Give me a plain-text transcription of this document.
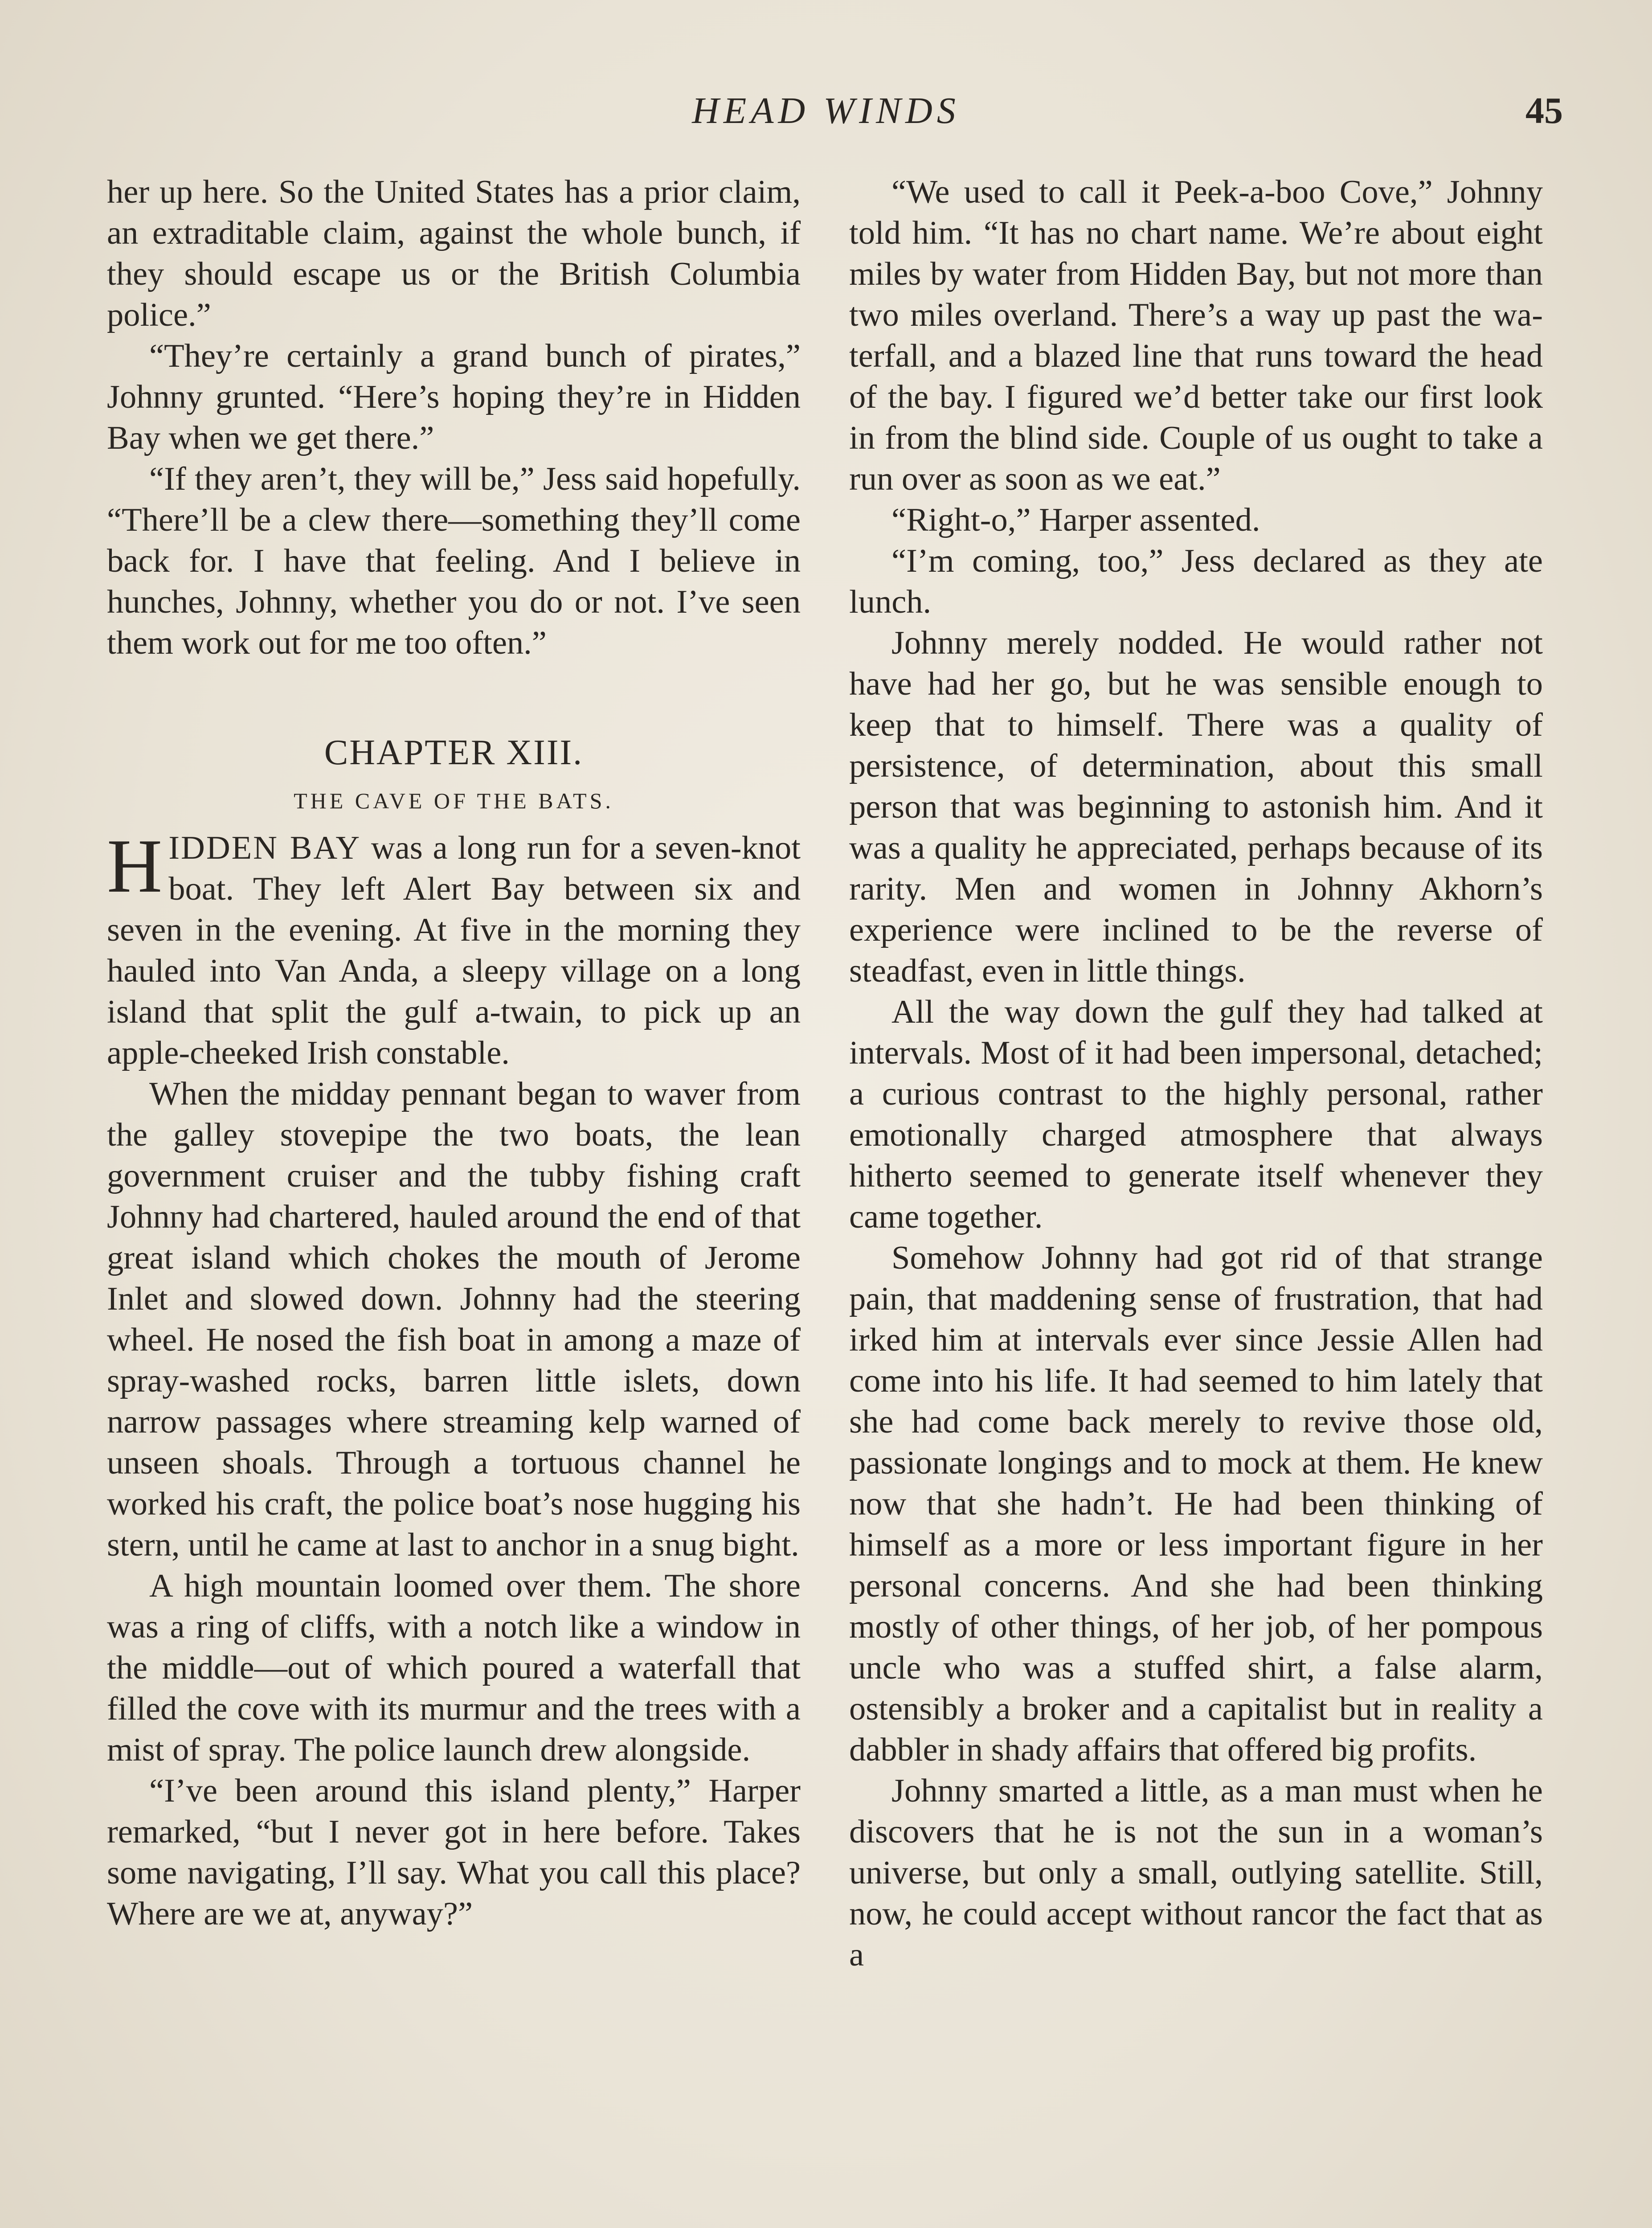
HEAD WINDS	45

her up here. So the United States has a prior claim, an extraditable claim, against the whole bunch, if they should escape us or the British Columbia police.”

“They’re certainly a grand bunch of pirates,” Johnny grunted. “Here’s hoping they’re in Hidden Bay when we get there.”

“If they aren’t, they will be,” Jess said hopefully. “There’ll be a clew there—something they’ll come back for. I have that feeling. And I believe in hunches, Johnny, whether you do or not. I’ve seen them work out for me too often.”

CHAPTER XIII.
THE CAVE OF THE BATS.

HIDDEN BAY was a long run for a seven-knot boat. They left Alert Bay between six and seven in the evening. At five in the morning they hauled into Van Anda, a sleepy village on a long island that split the gulf a-twain, to pick up an apple-cheeked Irish constable.

When the midday pennant began to waver from the galley stovepipe the two boats, the lean government cruiser and the tubby fishing craft Johnny had chartered, hauled around the end of that great island which chokes the mouth of Jerome Inlet and slowed down. Johnny had the steering wheel. He nosed the fish boat in among a maze of spray-washed rocks, barren little islets, down narrow passages where streaming kelp warned of unseen shoals. Through a tortuous channel he worked his craft, the police boat’s nose hugging his stern, until he came at last to anchor in a snug bight.

A high mountain loomed over them. The shore was a ring of cliffs, with a notch like a window in the middle—out of which poured a waterfall that filled the cove with its murmur and the trees with a mist of spray. The police launch drew alongside.

“I’ve been around this island plenty,” Harper remarked, “but I never got in here before. Takes some navigating, I’ll say. What you call this place? Where are we at, anyway?”

“We used to call it Peek-a-boo Cove,” Johnny told him. “It has no chart name. We’re about eight miles by water from Hidden Bay, but not more than two miles overland. There’s a way up past the waterfall, and a blazed line that runs toward the head of the bay. I figured we’d better take our first look in from the blind side. Couple of us ought to take a run over as soon as we eat.”

“Right-o,” Harper assented.

“I’m coming, too,” Jess declared as they ate lunch.

Johnny merely nodded. He would rather not have had her go, but he was sensible enough to keep that to himself. There was a quality of persistence, of determination, about this small person that was beginning to astonish him. And it was a quality he appreciated, perhaps because of its rarity. Men and women in Johnny Akhorn’s experience were inclined to be the reverse of steadfast, even in little things.

All the way down the gulf they had talked at intervals. Most of it had been impersonal, detached; a curious contrast to the highly personal, rather emotionally charged atmosphere that always hitherto seemed to generate itself whenever they came together.

Somehow Johnny had got rid of that strange pain, that maddening sense of frustration, that had irked him at intervals ever since Jessie Allen had come into his life. It had seemed to him lately that she had come back merely to revive those old, passionate longings and to mock at them. He knew now that she hadn’t. He had been thinking of himself as a more or less important figure in her personal concerns. And she had been thinking mostly of other things, of her job, of her pompous uncle who was a stuffed shirt, a false alarm, ostensibly a broker and a capitalist but in reality a dabbler in shady affairs that offered big profits.

Johnny smarted a little, as a man must when he discovers that he is not the sun in a woman’s universe, but only a small, outlying satellite. Still, now, he could accept without rancor the fact that as a
